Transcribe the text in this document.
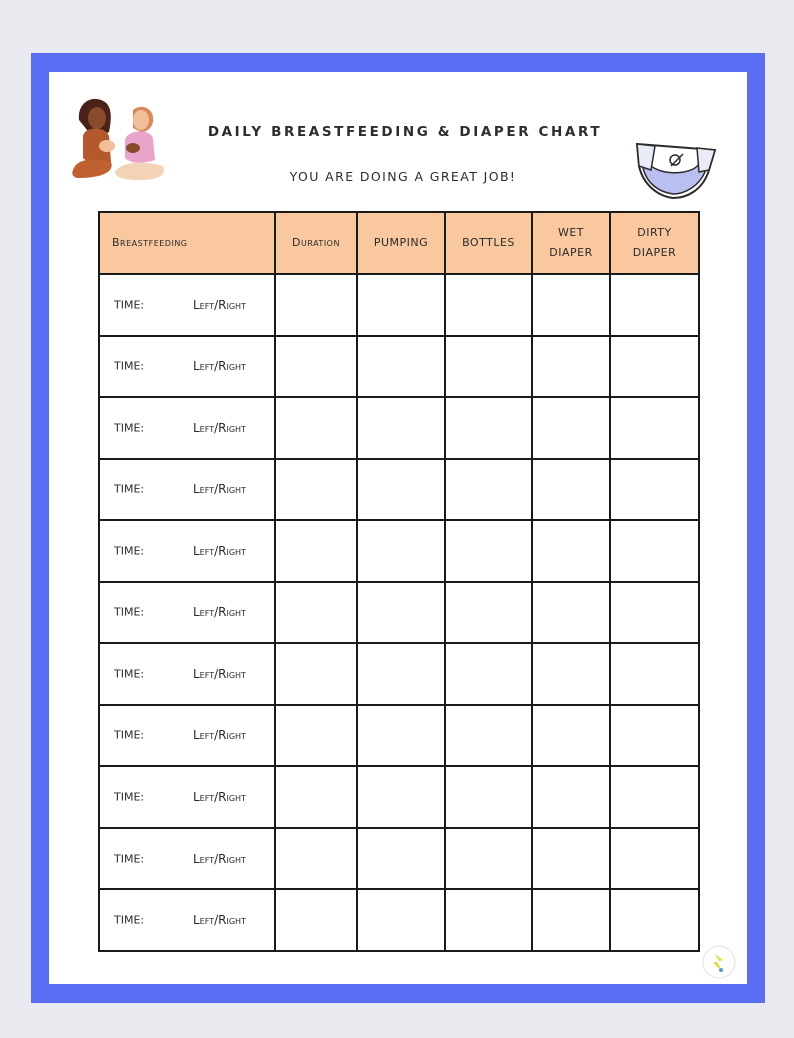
DAILY BREASTFEEDING & DIAPER CHART
YOU ARE DOING A GREAT JOB!
Breastfeeding	Duration	PUMPING	BOTTLES	WET DIAPER	DIRTY DIAPER

TIME: Left/Right					

TIME: Left/Right					

TIME: Left/Right					

TIME: Left/Right					

TIME: Left/Right					

TIME: Left/Right					

TIME: Left/Right					

TIME: Left/Right					

TIME: Left/Right					

TIME: Left/Right					

TIME: Left/Right					
